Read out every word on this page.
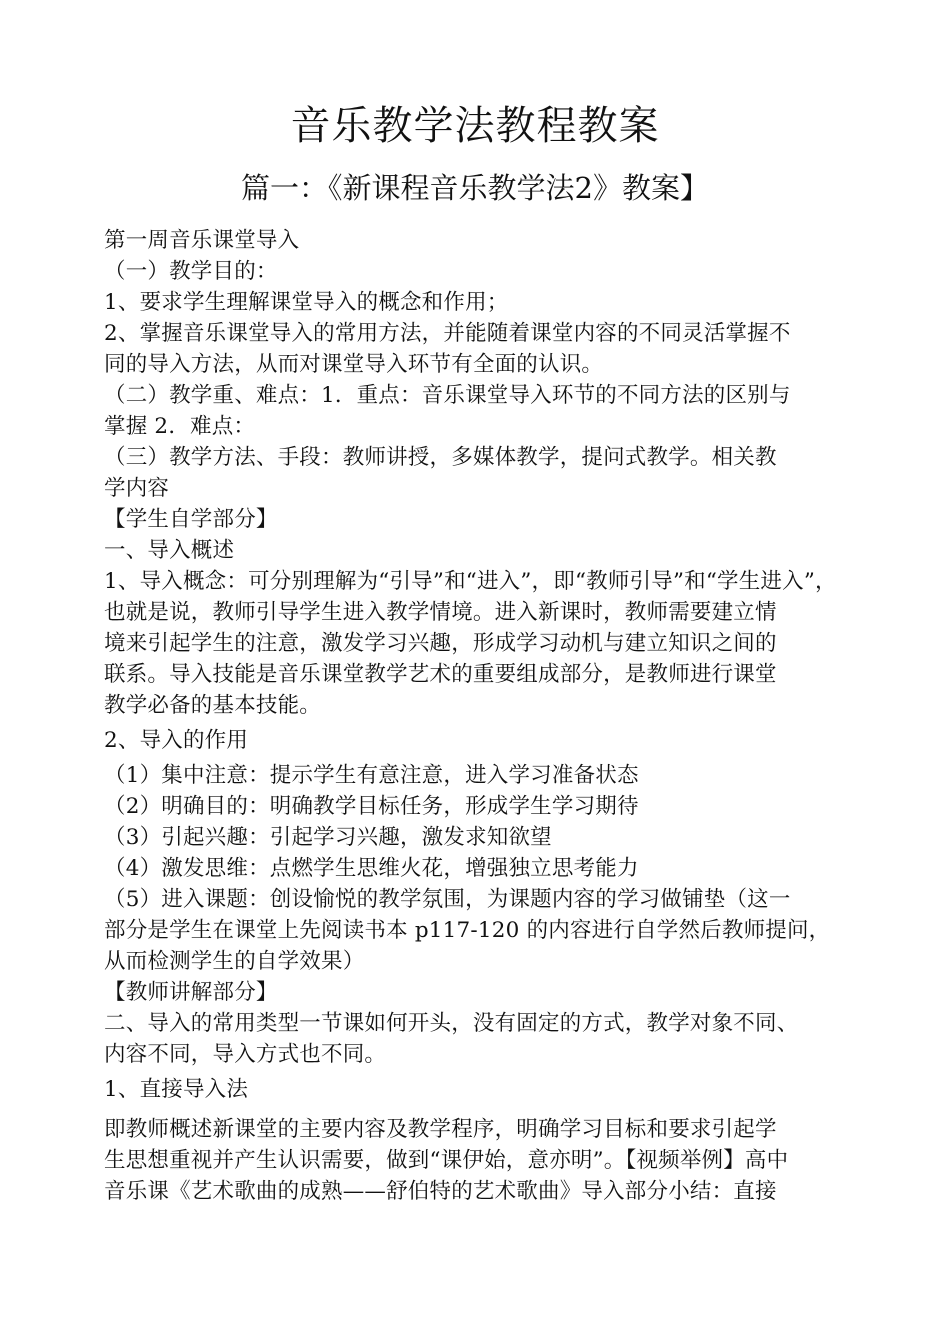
音乐教学法教程教案
篇一：《新课程音乐教学法2》教案】
第一周音乐课堂导入
（一）教学目的：
1、要求学生理解课堂导入的概念和作用；
2、掌握音乐课堂导入的常用方法，并能随着课堂内容的不同灵活掌握不
同的导入方法，从而对课堂导入环节有全面的认识。
（二）教学重、难点：1．重点：音乐课堂导入环节的不同方法的区别与
掌握 2．难点：
（三）教学方法、手段：教师讲授，多媒体教学，提问式教学。相关教
学内容
【学生自学部分】
一、导入概述
1、导入概念：可分别理解为“引导”和“进入”，即“教师引导”和“学生进入”，
也就是说，教师引导学生进入教学情境。进入新课时，教师需要建立情
境来引起学生的注意，激发学习兴趣，形成学习动机与建立知识之间的
联系。导入技能是音乐课堂教学艺术的重要组成部分，是教师进行课堂
教学必备的基本技能。
2、导入的作用
（1）集中注意：提示学生有意注意，进入学习准备状态
（2）明确目的：明确教学目标任务，形成学生学习期待
（3）引起兴趣：引起学习兴趣，激发求知欲望
（4）激发思维：点燃学生思维火花，增强独立思考能力
（5）进入课题：创设愉悦的教学氛围，为课题内容的学习做铺垫（这一
部分是学生在课堂上先阅读书本 p117-120 的内容进行自学然后教师提问，
从而检测学生的自学效果）
【教师讲解部分】
二、导入的常用类型一节课如何开头，没有固定的方式，教学对象不同、
内容不同，导入方式也不同。
1、直接导入法
即教师概述新课堂的主要内容及教学程序，明确学习目标和要求引起学
生思想重视并产生认识需要，做到“课伊始，意亦明”。【视频举例】高中
音乐课《艺术歌曲的成熟——舒伯特的艺术歌曲》导入部分小结：直接
